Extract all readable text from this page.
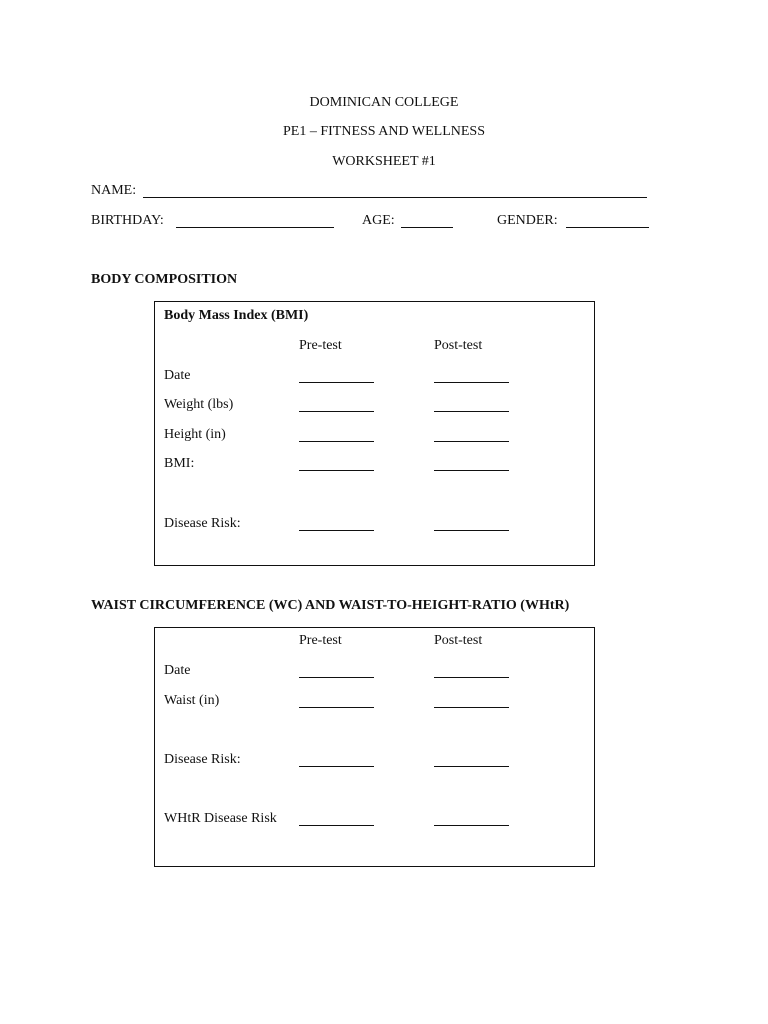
DOMINICAN COLLEGE
PE1 – FITNESS AND WELLNESS
WORKSHEET #1
NAME:
BIRTHDAY:	AGE:	GENDER:
BODY COMPOSITION
Body Mass Index (BMI)
Pre-test	Post-test
Date
Weight (lbs)
Height (in)
BMI:
Disease Risk:
WAIST CIRCUMFERENCE (WC) AND WAIST-TO-HEIGHT-RATIO (WHtR)
Pre-test	Post-test
Date
Waist (in)
Disease Risk:
WHtR Disease Risk
